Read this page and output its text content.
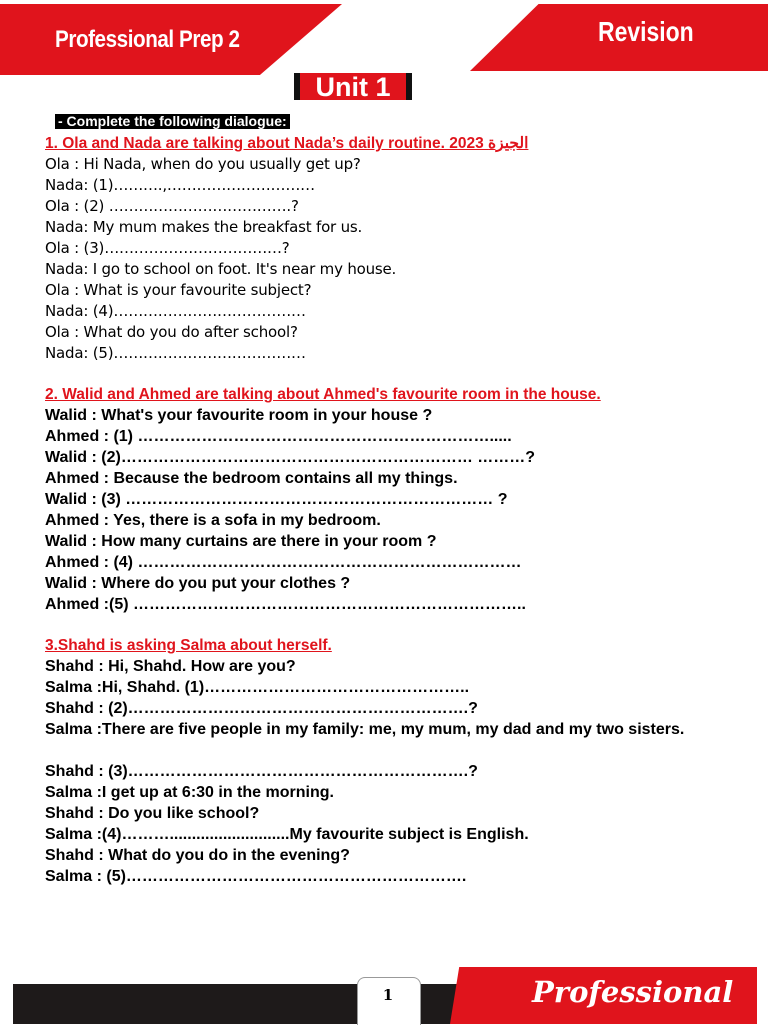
Professional Prep 2	Revision
Unit 1
- Complete the following dialogue:
1. Ola and Nada are talking about Nada’s daily routine. 2023 الجيزة
Ola : Hi Nada, when do you usually get up?
Nada: (1)……….,…………………………
Ola : (2) ……………………………….?
Nada: My mum makes the breakfast for us.
Ola : (3)………………………………?
Nada: I go to school on foot. It's near my house.
Ola : What is your favourite subject?
Nada: (4)…………………………………
Ola : What do you do after school?
Nada: (5)…………………………………
2. Walid and Ahmed are talking about Ahmed's favourite room in the house.
Walid : What's your favourite room in your house ?
Ahmed : (1) ………………………………………………………….....
Walid : (2)………………………………………………………… ………?
Ahmed : Because the bedroom contains all my things.
Walid : (3) …………………………………………………………… ?
Ahmed : Yes, there is a sofa in my bedroom.
Walid : How many curtains are there in your room ?
Ahmed : (4) ………………………………………………………………
Walid : Where do you put your clothes ?
Ahmed :(5) ………………………………………………………………..
3.Shahd is asking Salma about herself.
Shahd : Hi, Shahd. How are you?
Salma :Hi, Shahd. (1)…………………………………………..
Shahd : (2)……………………………………………………….?
Salma :There are five people in my family: me, my mum, my dad and my two sisters.
Shahd : (3)……………………………………………………….?
Salma :I get up at 6:30 in the morning.
Shahd : Do you like school?
Salma :(4)………...........................My favourite subject is English.
Shahd : What do you do in the evening?
Salma : (5)……………………………………………………….
Professional
1
